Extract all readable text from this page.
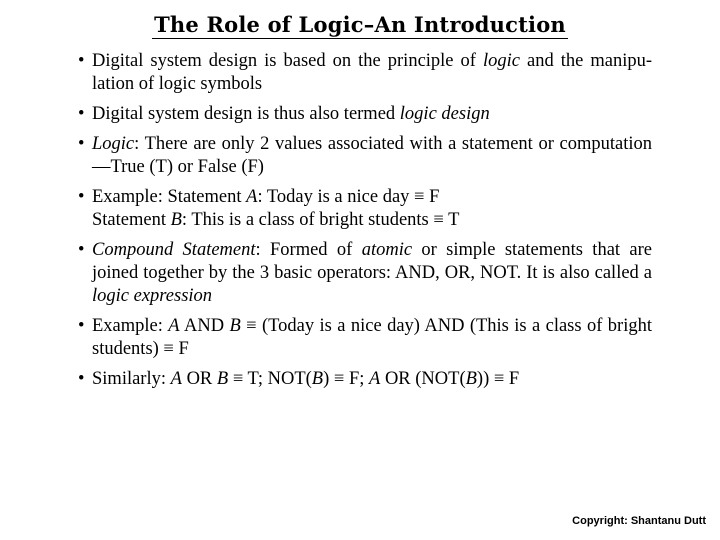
The Role of Logic–An Introduction
• Digital system design is based on the principle of logic and the manipu- lation of logic symbols
• Digital system design is thus also termed logic design
• Logic: There are only 2 values associated with a statement or computation—True (T) or False (F)
• Example: Statement A: Today is a nice day ≡ F
Statement B: This is a class of bright students ≡ T
• Compound Statement: Formed of atomic or simple statements that are joined together by the 3 basic operators: AND, OR, NOT. It is also called a logic expression
• Example: A AND B ≡ (Today is a nice day) AND (This is a class of bright students) ≡ F
• Similarly: A OR B ≡ T; NOT(B) ≡ F; A OR (NOT(B)) ≡ F
Copyright: Shantanu Dutt
